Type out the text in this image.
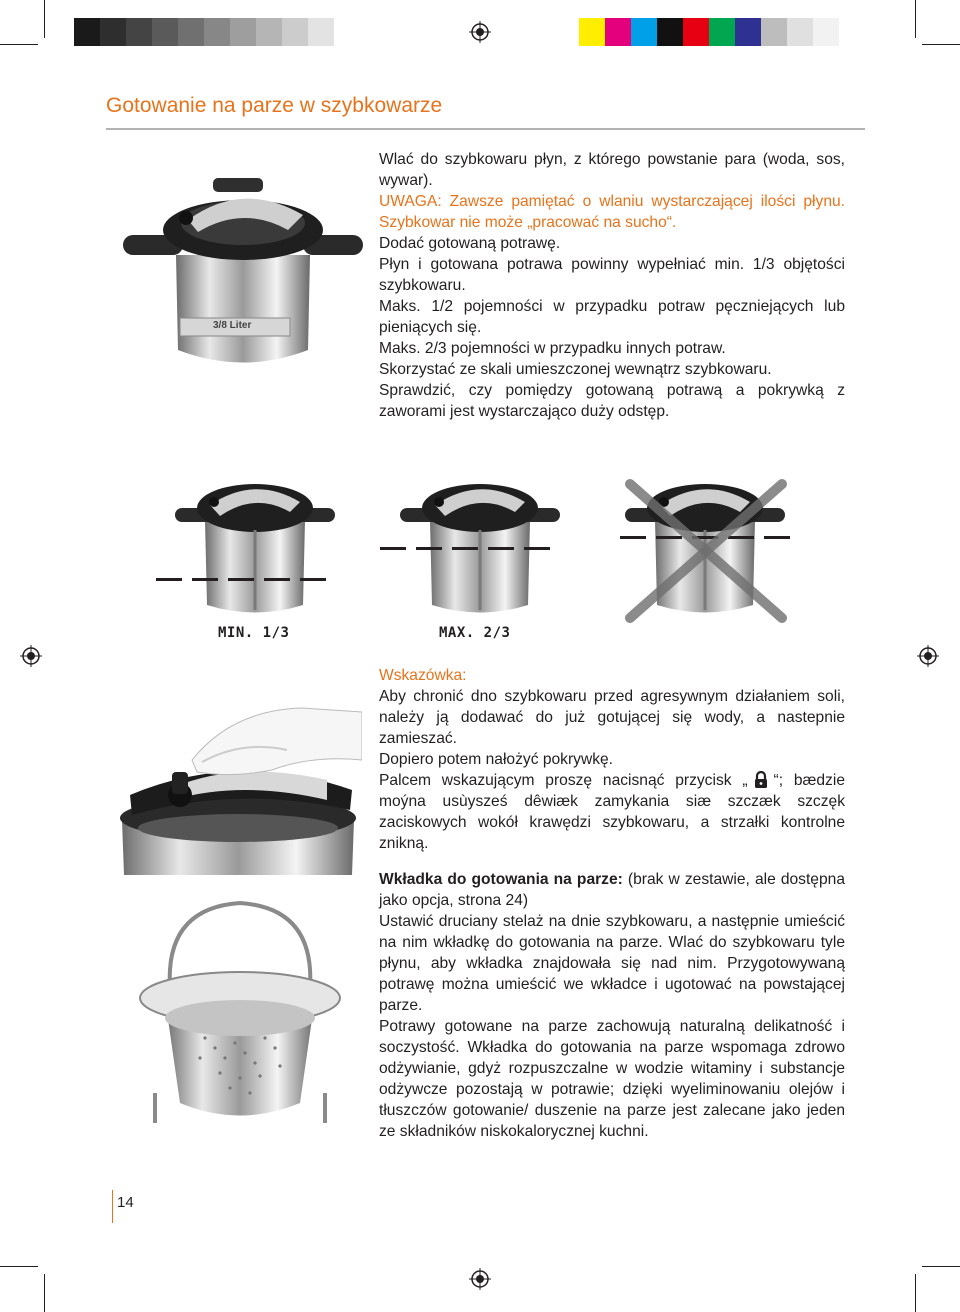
Gotowanie na parze w szybkowarze
3/8 Liter

Wlać do szybkowaru płyn, z którego powstanie para (woda, sos, wywar).

UWAGA: Zawsze pamiętać o wlaniu wystarczającej ilości płynu. Szybkowar nie może „pracować na sucho“.

Dodać gotowaną potrawę.

Płyn i gotowana potrawa powinny wypełniać min. 1/3 objętości szybkowaru.

Maks. 1/2 pojemności w przypadku potraw pęczniejących lub pieniących się.

Maks. 2/3 pojemności w przypadku innych potraw.

Skorzystać ze skali umieszczonej wewnątrz szybkowaru.

Sprawdzić, czy pomiędzy gotowaną potrawą a pokrywką z zaworami jest wystarczająco duży odstęp.

MIN. 1/3	MAX. 2/3

Wskazówka:

Aby chronić dno szybkowaru przed agresywnym działaniem soli, należy ją dodawać do już gotującej się wody, a nastepnie zamieszać.

Dopiero potem nałożyć pokrywkę.

Palcem wskazującym proszę nacisnąć przycisk „ “; bædzie moýna usùysześ dêwiæk zamykania siæ szczæk szczęk zaciskowych wokół krawędzi szybkowaru, a strzałki kontrolne znikną.

Wkładka do gotowania na parze: (brak w zestawie, ale dostępna jako opcja, strona 24)

Ustawić druciany stelaż na dnie szybkowaru, a następnie umieścić na nim wkładkę do gotowania na parze. Wlać do szybkowaru tyle płynu, aby wkładka znajdowała się nad nim. Przygotowywaną potrawę można umieścić we wkładce i ugotować na powstającej parze.

Potrawy gotowane na parze zachowują naturalną delikatność i soczystość. Wkładka do gotowania na parze wspomaga zdrowo odżywianie, gdyż rozpuszczalne w wodzie witaminy i substancje odżywcze pozostają w potrawie; dzięki wyeliminowaniu olejów i tłuszczów gotowanie/ duszenie na parze jest zalecane jako jeden ze składników niskokalorycznej kuchni.

14
